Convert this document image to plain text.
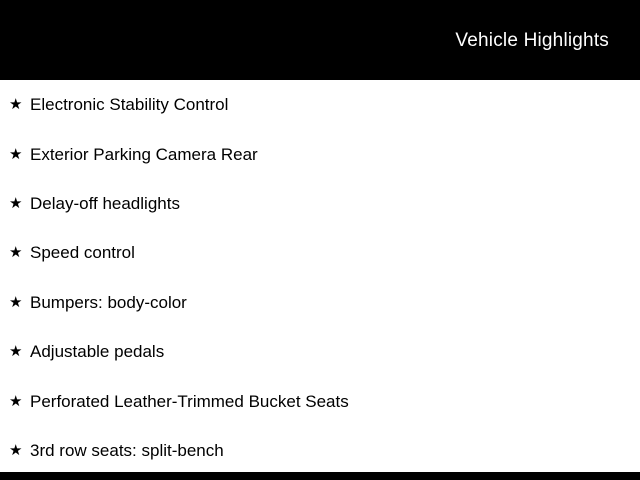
Vehicle Highlights
★ Electronic Stability Control
★ Exterior Parking Camera Rear
★ Delay-off headlights
★ Speed control
★ Bumpers: body-color
★ Adjustable pedals
★ Perforated Leather-Trimmed Bucket Seats
★ 3rd row seats: split-bench
